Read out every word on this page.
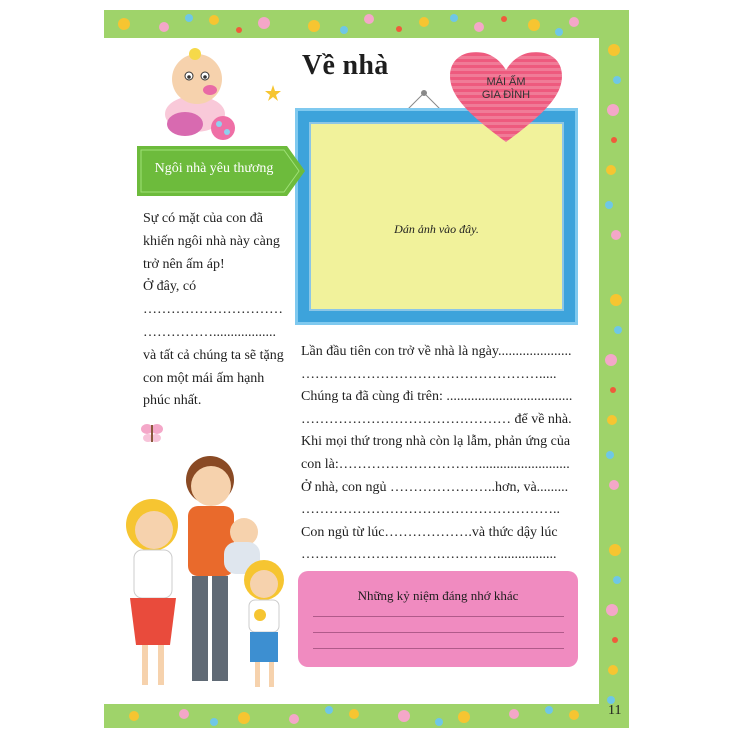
Về nhà
Dán ảnh vào đây.
MÁI ẤM
GIA ĐÌNH
Ngôi nhà yêu thương
Sự có mặt của con đã
khiến ngôi nhà này càng
trở nên ấm áp!
Ở đây, có
…………………………
……………..................
và tất cả chúng ta sẽ tặng
con một mái ấm hạnh
phúc nhất.
Lần đầu tiên con trở về nhà là ngày.....................
…………………………………………….....
Chúng ta đã cùng đi trên: ....................................
……………………………………… để về nhà.
Khi mọi thứ trong nhà còn lạ lẫm, phản ứng của
con là:…………………………..........................
Ở nhà, con ngủ …………………..hơn, và.........
………………………………………………..
Con ngủ từ lúc……………….và thức dậy lúc
…………………………………….................
Những kỷ niệm đáng nhớ khác
11
